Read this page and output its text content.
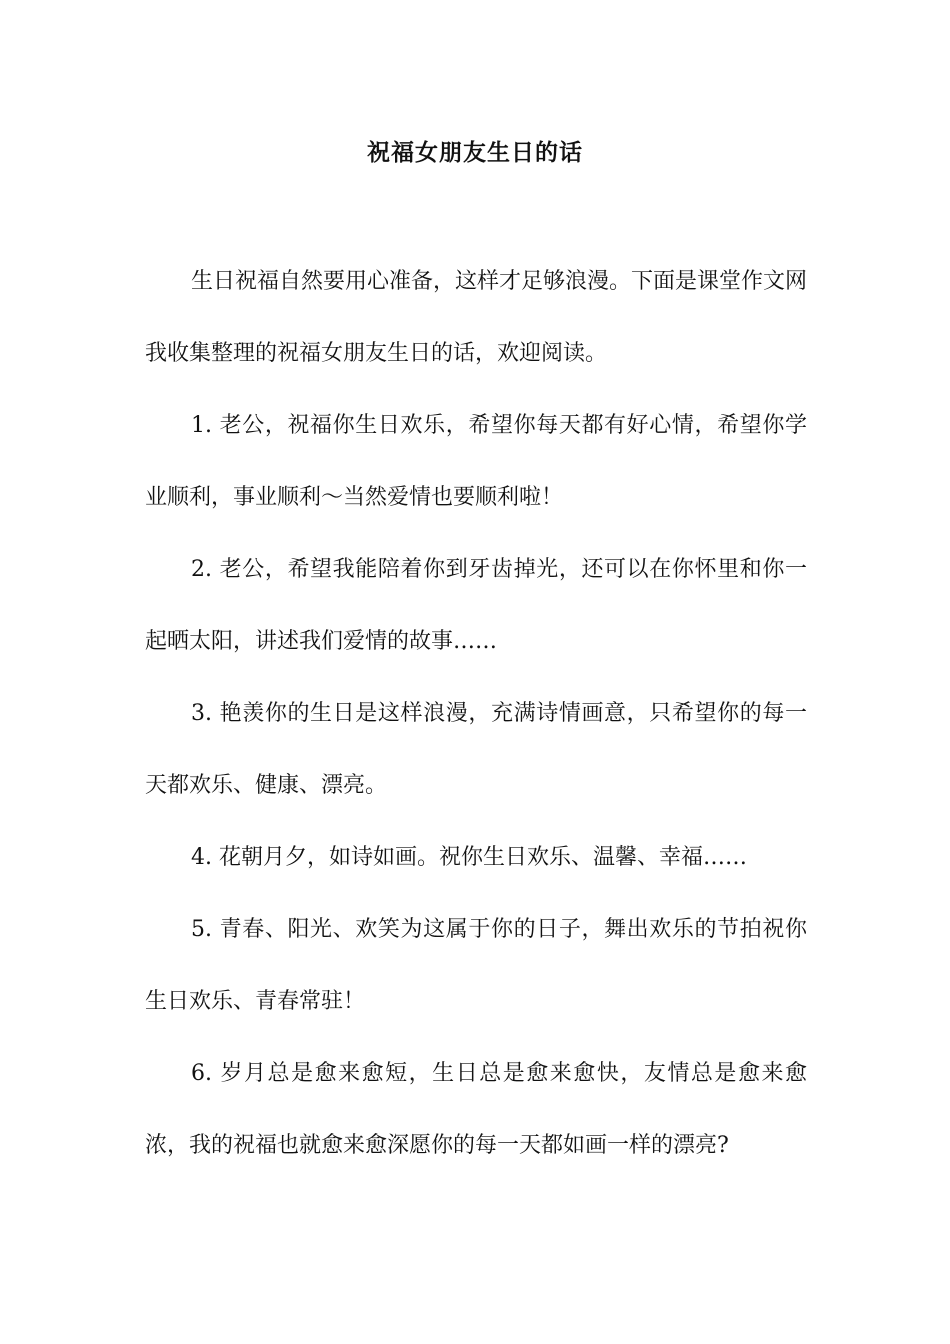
祝福女朋友生日的话

生日祝福自然要用心准备，这样才足够浪漫。下面是课堂作文网我收集整理的祝福女朋友生日的话，欢迎阅读。

1. 老公，祝福你生日欢乐，希望你每天都有好心情，希望你学业顺利，事业顺利～当然爱情也要顺利啦！

2. 老公，希望我能陪着你到牙齿掉光，还可以在你怀里和你一起晒太阳，讲述我们爱情的故事……

3. 艳羡你的生日是这样浪漫，充满诗情画意，只希望你的每一天都欢乐、健康、漂亮。

4. 花朝月夕，如诗如画。祝你生日欢乐、温馨、幸福……

5. 青春、阳光、欢笑为这属于你的日子，舞出欢乐的节拍祝你生日欢乐、青春常驻！

6. 岁月总是愈来愈短，生日总是愈来愈快，友情总是愈来愈浓，我的祝福也就愈来愈深愿你的每一天都如画一样的漂亮?
